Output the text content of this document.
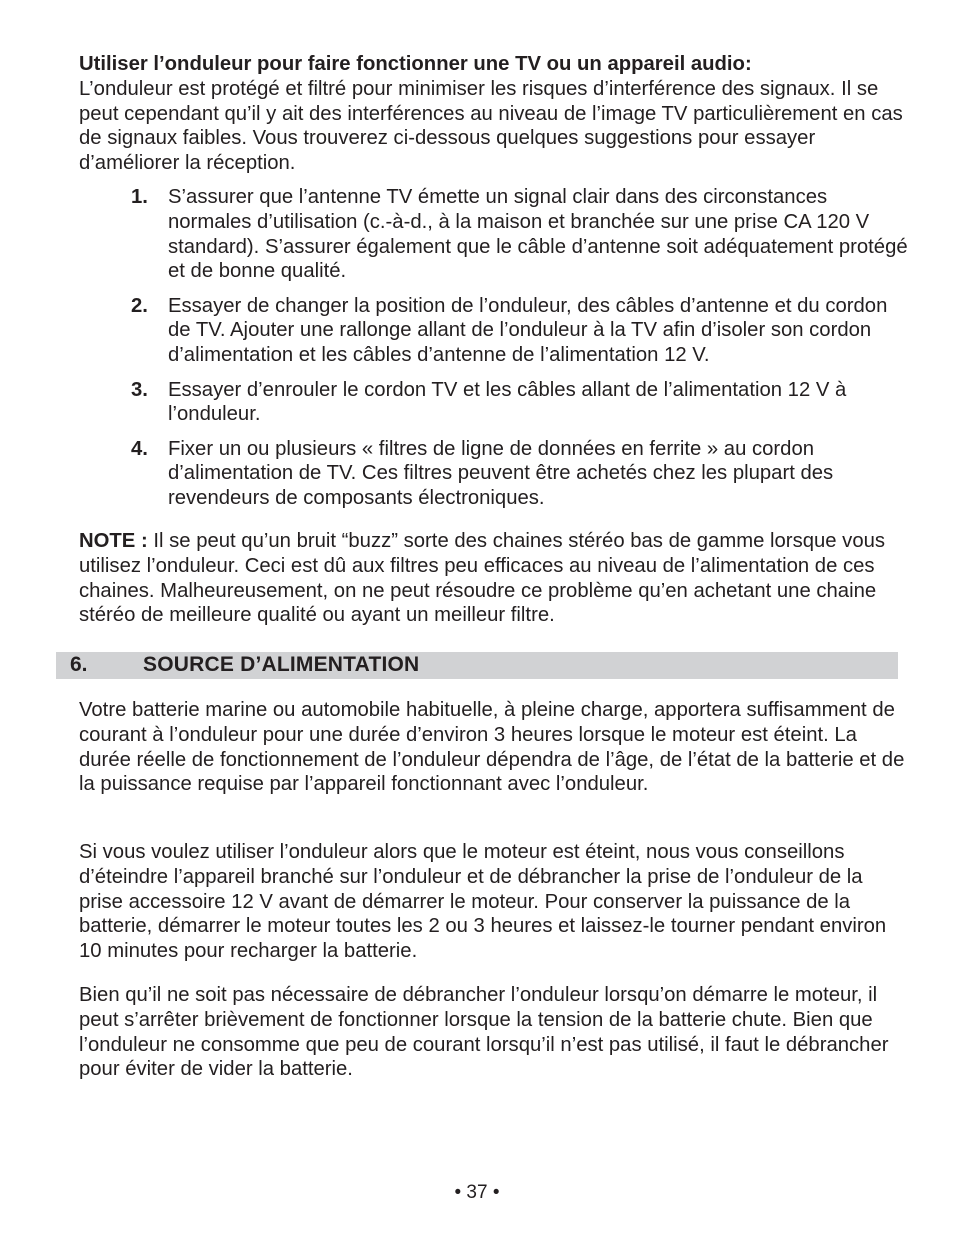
Utiliser l’onduleur pour faire fonctionner une TV ou un appareil audio:
L’onduleur est protégé et filtré pour minimiser les risques d’interférence des signaux. Il se peut cependant qu’il y ait des interférences au niveau de l’image TV particulièrement en cas de signaux faibles. Vous trouverez ci-dessous quelques suggestions pour essayer d’améliorer la réception.

1. S’assurer que l’antenne TV émette un signal clair dans des circonstances normales d’utilisation (c.-à-d., à la maison et branchée sur une prise CA 120 V standard). S’assurer également que le câble d’antenne soit adéquatement protégé et de bonne qualité.
2. Essayer de changer la position de l’onduleur, des câbles d’antenne et du cordon de TV. Ajouter une rallonge allant de l’onduleur à la TV afin d’isoler son cordon d’alimentation et les câbles d’antenne de l’alimentation 12 V.
3. Essayer d’enrouler le cordon TV et les câbles allant de l’alimentation 12 V à l’onduleur.
4. Fixer un ou plusieurs « filtres de ligne de données en ferrite » au cordon d’alimentation de TV. Ces filtres peuvent être achetés chez les plupart des revendeurs de composants électroniques.

NOTE : Il se peut qu’un bruit “buzz” sorte des chaines stéréo bas de gamme lorsque vous utilisez l’onduleur. Ceci est dû aux filtres peu efficaces au niveau de l’alimentation de ces chaines. Malheureusement, on ne peut résoudre ce problème qu’en achetant une chaine stéréo de meilleure qualité ou ayant un meilleur filtre.

6.	SOURCE D’ALIMENTATION

Votre batterie marine ou automobile habituelle, à pleine charge, apportera suffisamment de courant à l’onduleur pour une durée d’environ 3 heures lorsque le moteur est éteint. La durée réelle de fonctionnement de l’onduleur dépendra de l’âge, de l’état de la batterie et de la puissance requise par l’appareil fonctionnant avec l’onduleur.

Si vous voulez utiliser l’onduleur alors que le moteur est éteint, nous vous conseillons d’éteindre l’appareil branché sur l’onduleur et de débrancher la prise de l’onduleur de la prise accessoire 12 V avant de démarrer le moteur. Pour conserver la puissance de la batterie, démarrer le moteur toutes les 2 ou 3 heures et laissez-le tourner pendant environ 10 minutes pour recharger la batterie.

Bien qu’il ne soit pas nécessaire de débrancher l’onduleur lorsqu’on démarre le moteur, il peut s’arrêter brièvement de fonctionner lorsque la tension de la batterie chute. Bien que l’onduleur ne consomme que peu de courant lorsqu’il n’est pas utilisé, il faut le débrancher pour éviter de vider la batterie.

• 37 •
